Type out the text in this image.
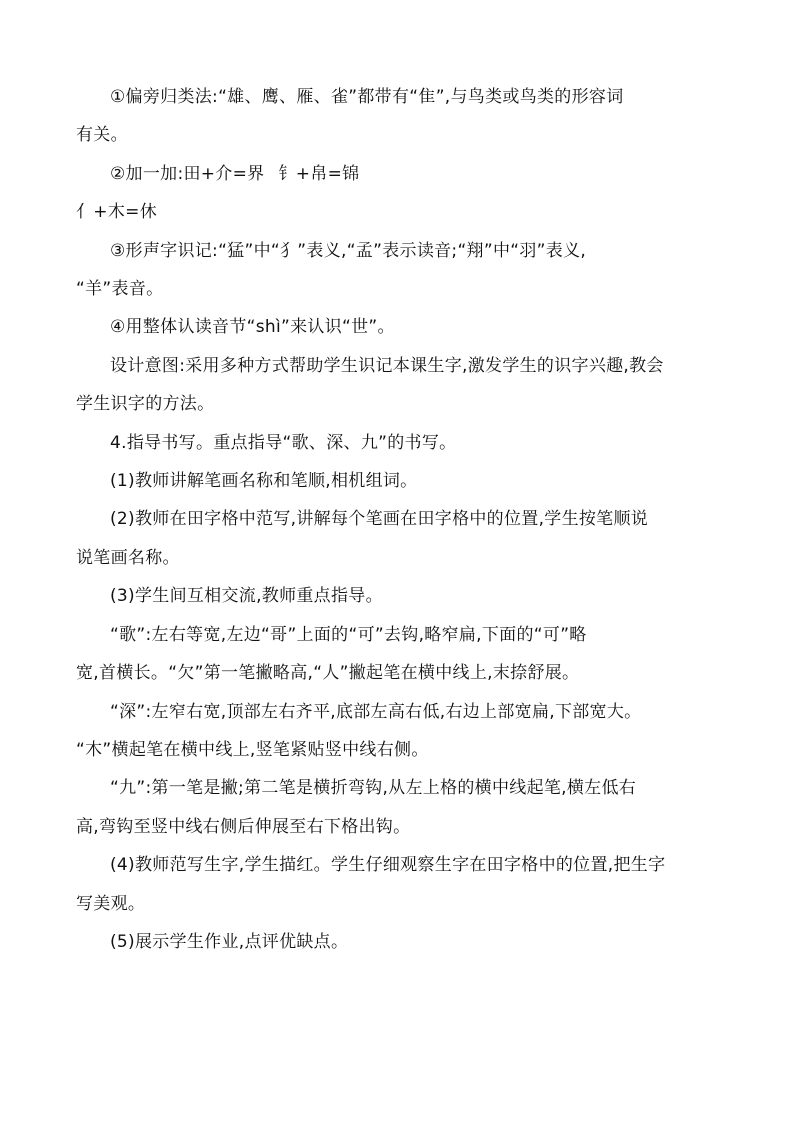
①偏旁归类法:“雄、鹰、雁、雀”都带有“隹”,与鸟类或鸟类的形容词

有关。

②加一加:田+介=界 钅+帛=锦

亻+木=休

③形声字识记:“猛”中“犭”表义,“孟”表示读音;“翔”中“羽”表义,

“羊”表音。

④用整体认读音节“shì”来认识“世”。

设计意图:采用多种方式帮助学生识记本课生字,激发学生的识字兴趣,教会

学生识字的方法。

4.指导书写。重点指导“歌、深、九”的书写。

(1)教师讲解笔画名称和笔顺,相机组词。

(2)教师在田字格中范写,讲解每个笔画在田字格中的位置,学生按笔顺说

说笔画名称。

(3)学生间互相交流,教师重点指导。

“歌”:左右等宽,左边“哥”上面的“可”去钩,略窄扁,下面的“可”略

宽,首横长。“欠”第一笔撇略高,“人”撇起笔在横中线上,末捺舒展。

“深”:左窄右宽,顶部左右齐平,底部左高右低,右边上部宽扁,下部宽大。

“木”横起笔在横中线上,竖笔紧贴竖中线右侧。

“九”:第一笔是撇;第二笔是横折弯钩,从左上格的横中线起笔,横左低右

高,弯钩至竖中线右侧后伸展至右下格出钩。

(4)教师范写生字,学生描红。学生仔细观察生字在田字格中的位置,把生字

写美观。

(5)展示学生作业,点评优缺点。
